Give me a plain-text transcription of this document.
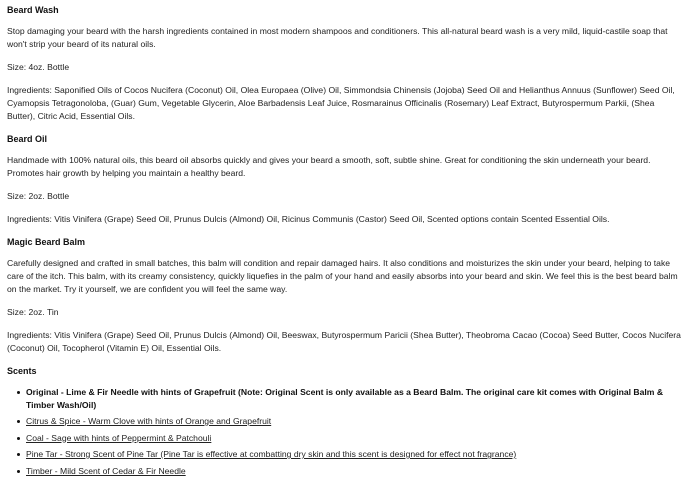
Beard Wash

Stop damaging your beard with the harsh ingredients contained in most modern shampoos and conditioners. This all-natural beard wash is a very mild, liquid-castile soap that won't strip your beard of its natural oils.

Size: 4oz. Bottle

Ingredients: Saponified Oils of Cocos Nucifera (Coconut) Oil, Olea Europaea (Olive) Oil, Simmondsia Chinensis (Jojoba) Seed Oil and Helianthus Annuus (Sunflower) Seed Oil, Cyamopsis Tetragonoloba, (Guar) Gum, Vegetable Glycerin, Aloe Barbadensis Leaf Juice, Rosmarainus Officinalis (Rosemary) Leaf Extract, Butyrospermum Parkii, (Shea Butter), Citric Acid, Essential Oils.

Beard Oil

Handmade with 100% natural oils, this beard oil absorbs quickly and gives your beard a smooth, soft, subtle shine. Great for conditioning the skin underneath your beard. Promotes hair growth by helping you maintain a healthy beard.

Size: 2oz. Bottle

Ingredients: Vitis Vinifera (Grape) Seed Oil, Prunus Dulcis (Almond) Oil, Ricinus Communis (Castor) Seed Oil, Scented options contain Scented Essential Oils.

Magic Beard Balm

Carefully designed and crafted in small batches, this balm will condition and repair damaged hairs. It also conditions and moisturizes the skin under your beard, helping to take care of the itch. This balm, with its creamy consistency, quickly liquefies in the palm of your hand and easily absorbs into your beard and skin. We feel this is the best beard balm on the market. Try it yourself, we are confident you will feel the same way.

Size: 2oz. Tin

Ingredients: Vitis Vinifera (Grape) Seed Oil, Prunus Dulcis (Almond) Oil, Beeswax, Butyrospermum Paricii (Shea Butter), Theobroma Cacao (Cocoa) Seed Butter, Cocos Nucifera (Coconut) Oil, Tocopherol (Vitamin E) Oil, Essential Oils.

Scents
Original - Lime & Fir Needle with hints of Grapefruit (Note: Original Scent is only available as a Beard Balm. The original care kit comes with Original Balm & Timber Wash/Oil)
Citrus & Spice - Warm Clove with hints of Orange and Grapefruit
Coal - Sage with hints of Peppermint & Patchouli
Pine Tar - Strong Scent of Pine Tar (Pine Tar is effective at combatting dry skin and this scent is designed for effect not fragrance)
Timber - Mild Scent of Cedar & Fir Needle
